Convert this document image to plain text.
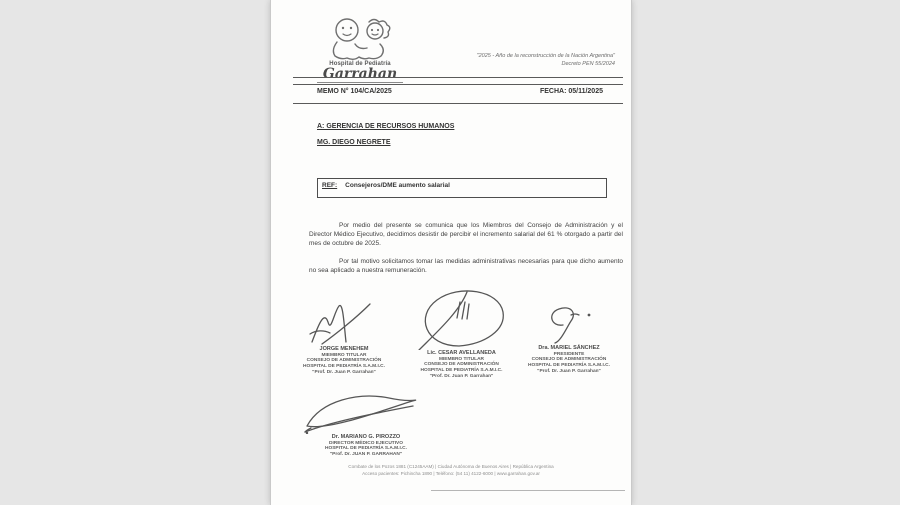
Hospital de Pediatría
Garrahan
"2025 - Año de la reconstrucción de la Nación Argentina"
Decreto PEN 55/2024
MEMO N° 104/CA/2025	FECHA: 05/11/2025
A: GERENCIA DE RECURSOS HUMANOS
MG. DIEGO NEGRETE
REF: Consejeros/DME aumento salarial
Por medio del presente se comunica que los Miembros del Consejo de Administración y el Director Médico Ejecutivo, decidimos desistir de percibir el incremento salarial del 61 % otorgado a partir del mes de octubre de 2025.
Por tal motivo solicitamos tomar las medidas administrativas necesarias para que dicho aumento no sea aplicado a nuestra remuneración.
JORGE MENEHEM
MIEMBRO TITULAR
CONSEJO DE ADMINISTRACIÓN
HOSPITAL DE PEDIATRÍA S.A.M.I.C.
"Prof. Dr. Juan P. Garrahan"
Lic. CESAR AVELLANEDA
MIEMBRO TITULAR
CONSEJO DE ADMINISTRACIÓN
HOSPITAL DE PEDIATRÍA S.A.M.I.C.
"Prof. Dr. Juan P. Garrahan"
Dra. MARIEL SÁNCHEZ
PRESIDENTE
CONSEJO DE ADMINISTRACIÓN
HOSPITAL DE PEDIATRÍA S.A.M.I.C.
"Prof. Dr. Juan P. Garrahan"
Dr. MARIANO G. PIROZZO
DIRECTOR MÉDICO EJECUTIVO
HOSPITAL DE PEDIATRÍA S.A.M.I.C.
"Prof. Dr. JUAN P. GARRAHAN"
Combate de los Pozos 1881 (C1245AAM) | Ciudad Autónoma de Buenos Aires | República Argentina
Acceso pacientes: Pichincha 1890 | Teléfono: (54 11) 4122-6000 | www.garrahan.gov.ar
